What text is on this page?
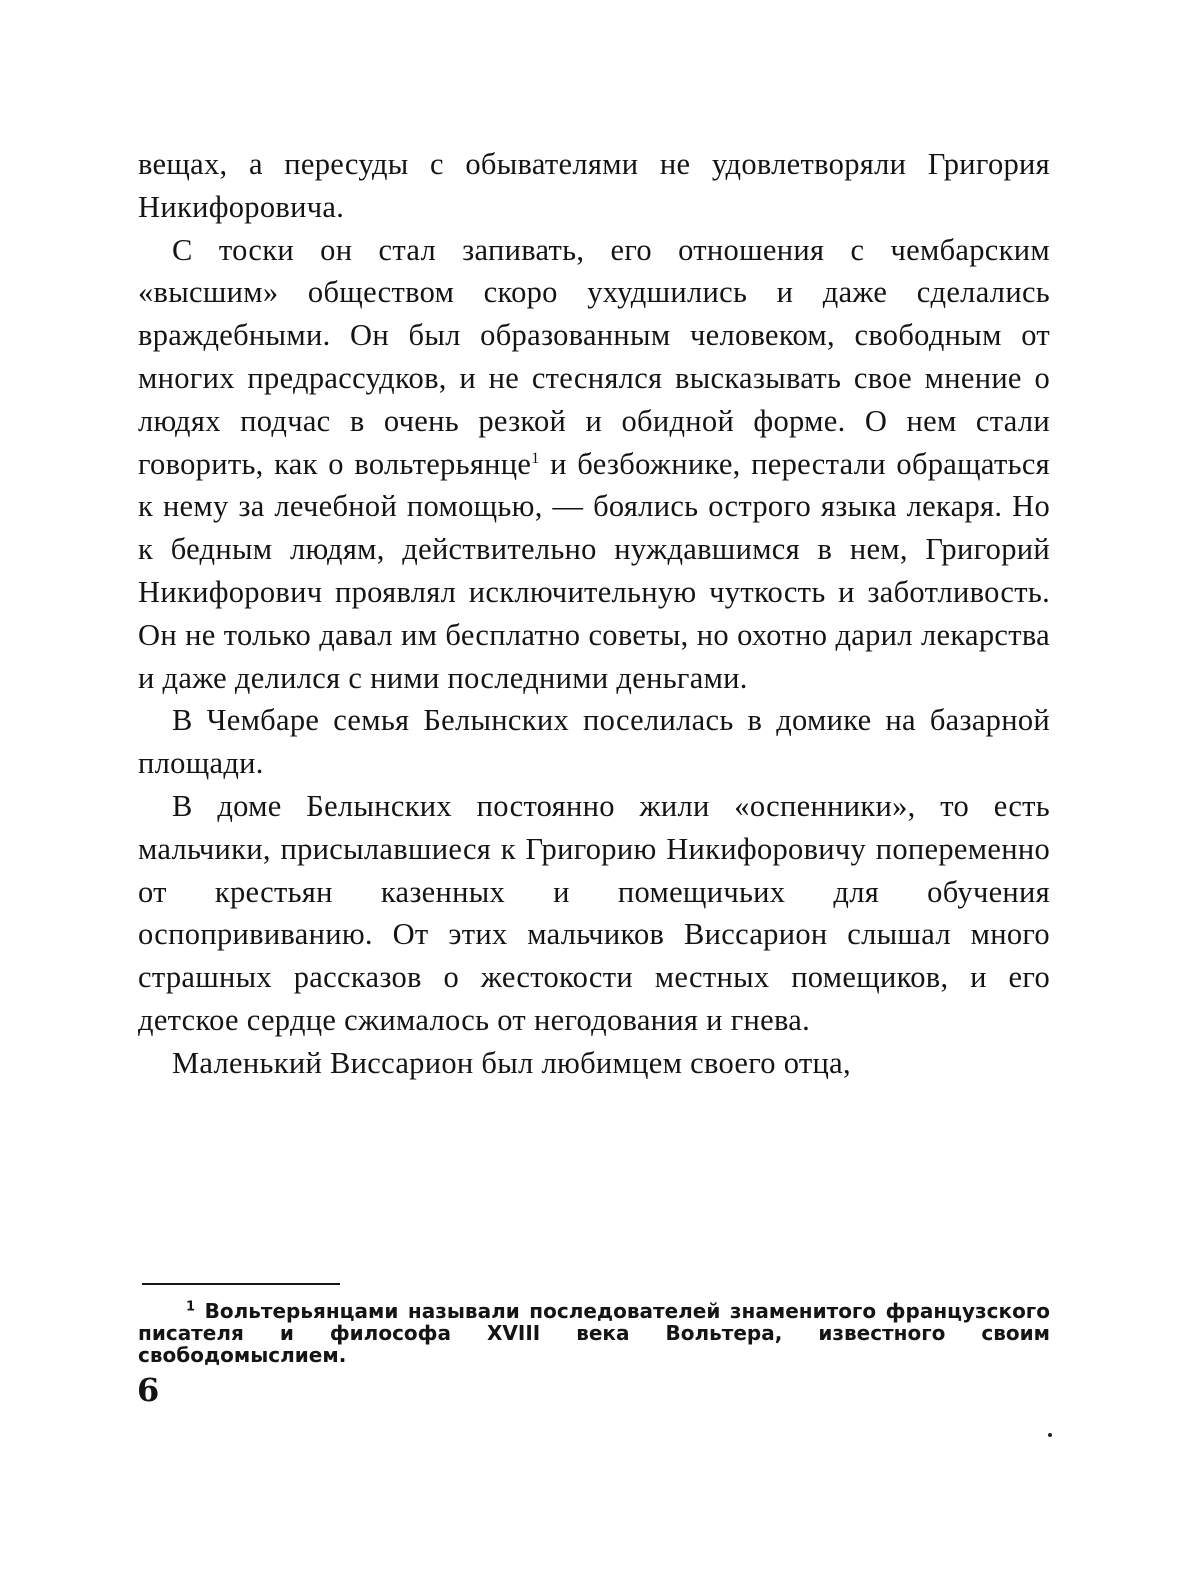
вещах, а пересуды с обывателями не удовлетворяли Григория Никифоровича.

С тоски он стал запивать, его отношения с чембарским «высшим» обществом скоро ухудшились и даже сделались враждебными. Он был образованным человеком, свободным от многих предрассудков, и не стеснялся высказывать свое мнение о людях подчас в очень резкой и обидной форме. О нем стали говорить, как о вольтерьянце$^1$ и безбожнике, перестали обращаться к нему за лечебной помощью, — боялись острого языка лекаря. Но к бедным людям, действительно нуждавшимся в нем, Григорий Никифорович проявлял исключительную чуткость и заботливость. Он не только давал им бесплатно советы, но охотно дарил лекарства и даже делился с ними последними деньгами.

В Чембаре семья Белынских поселилась в домике на базарной площади.

В доме Белынских постоянно жили «оспенники», то есть мальчики, присылавшиеся к Григорию Никифоровичу попеременно от крестьян казенных и помещичьих для обучения оспопрививанию. От этих мальчиков Виссарион слышал много страшных рассказов о жестокости местных помещиков, и его детское сердце сжималось от негодования и гнева.

Маленький Виссарион был любимцем своего отца,

$^1$ Вольтерьянцами называли последователей знаменитого французского писателя и философа XVIII века Вольтера, известного своим свободомыслием.

6
